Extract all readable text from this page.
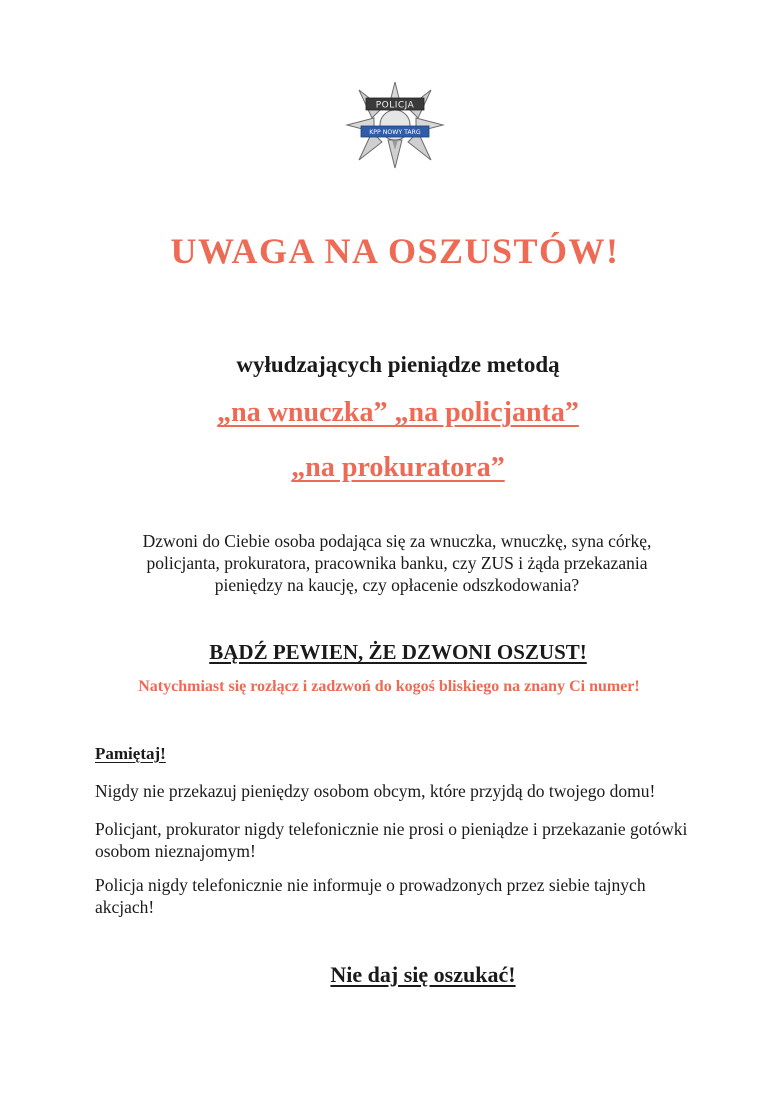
POLICJA
KPP NOWY TARG
UWAGA NA OSZUSTÓW!

wyłudzających pieniądze metodą

„na wnuczka” „na policjanta”

„na prokuratora”

Dzwoni do Ciebie osoba podająca się za wnuczka, wnuczkę, syna córkę, policjanta, prokuratora, pracownika banku, czy ZUS i żąda przekazania pieniędzy na kaucję, czy opłacenie odszkodowania?

BĄDŹ PEWIEN, ŻE DZWONI OSZUST!

Natychmiast się rozłącz i zadzwoń do kogoś bliskiego na znany Ci numer!

Pamiętaj!

Nigdy nie przekazuj pieniędzy osobom obcym, które przyjdą do twojego domu!

Policjant, prokurator nigdy telefonicznie nie prosi o pieniądze i przekazanie gotówki osobom nieznajomym!

Policja nigdy telefonicznie nie informuje o prowadzonych przez siebie tajnych akcjach!

Nie daj się oszukać!
